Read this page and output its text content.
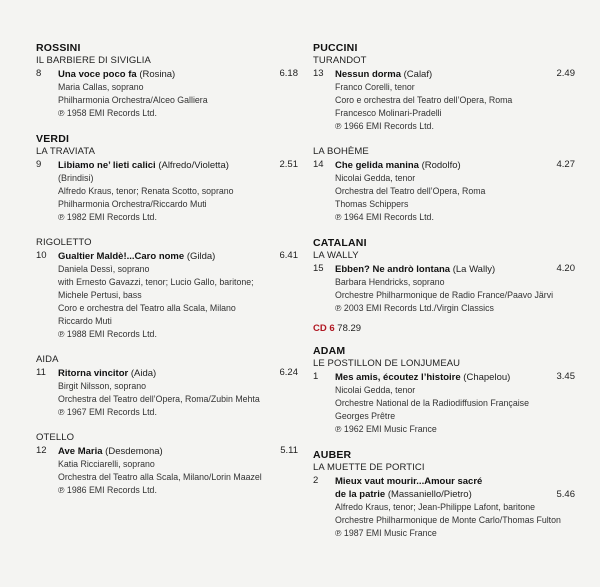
ROSSINI
IL BARBIERE DI SIVIGLIA
8	Una voce poco fa (Rosina)	6.18
Maria Callas, soprano
Philharmonia Orchestra/Alceo Galliera
℗ 1958 EMI Records Ltd.
VERDI
LA TRAVIATA
9	Libiamo ne’ lieti calici (Alfredo/Violetta)	2.51
(Brindisi)
Alfredo Kraus, tenor; Renata Scotto, soprano
Philharmonia Orchestra/Riccardo Muti
℗ 1982 EMI Records Ltd.
RIGOLETTO
10	Gualtier Maldè!...Caro nome (Gilda)	6.41
Daniela Dessì, soprano
with Ernesto Gavazzi, tenor; Lucio Gallo, baritone;
Michele Pertusi, bass
Coro e orchestra del Teatro alla Scala, Milano
Riccardo Muti
℗ 1988 EMI Records Ltd.
AIDA
11	Ritorna vincitor (Aida)	6.24
Birgit Nilsson, soprano
Orchestra del Teatro dell’Opera, Roma/Zubin Mehta
℗ 1967 EMI Records Ltd.
OTELLO
12	Ave Maria (Desdemona)	5.11
Katia Ricciarelli, soprano
Orchestra del Teatro alla Scala, Milano/Lorin Maazel
℗ 1986 EMI Records Ltd.
PUCCINI
TURANDOT
13	Nessun dorma (Calaf)	2.49
Franco Corelli, tenor
Coro e orchestra del Teatro dell’Opera, Roma
Francesco Molinari-Pradelli
℗ 1966 EMI Records Ltd.
LA BOHÈME
14	Che gelida manina (Rodolfo)	4.27
Nicolai Gedda, tenor
Orchestra del Teatro dell’Opera, Roma
Thomas Schippers
℗ 1964 EMI Records Ltd.
CATALANI
LA WALLY
15	Ebben? Ne andrò lontana (La Wally)	4.20
Barbara Hendricks, soprano
Orchestre Philharmonique de Radio France/Paavo Järvi
℗ 2003 EMI Records Ltd./Virgin Classics
CD 6 78.29
ADAM
LE POSTILLON DE LONJUMEAU
1	Mes amis, écoutez l’histoire (Chapelou)	3.45
Nicolai Gedda, tenor
Orchestre National de la Radiodiffusion Française
Georges Prêtre
℗ 1962 EMI Music France
AUBER
LA MUETTE DE PORTICI
2	Mieux vaut mourir...Amour sacré
de la patrie (Massaniello/Pietro)	5.46
Alfredo Kraus, tenor; Jean-Philippe Lafont, baritone
Orchestre Philharmonique de Monte Carlo/Thomas Fulton
℗ 1987 EMI Music France
